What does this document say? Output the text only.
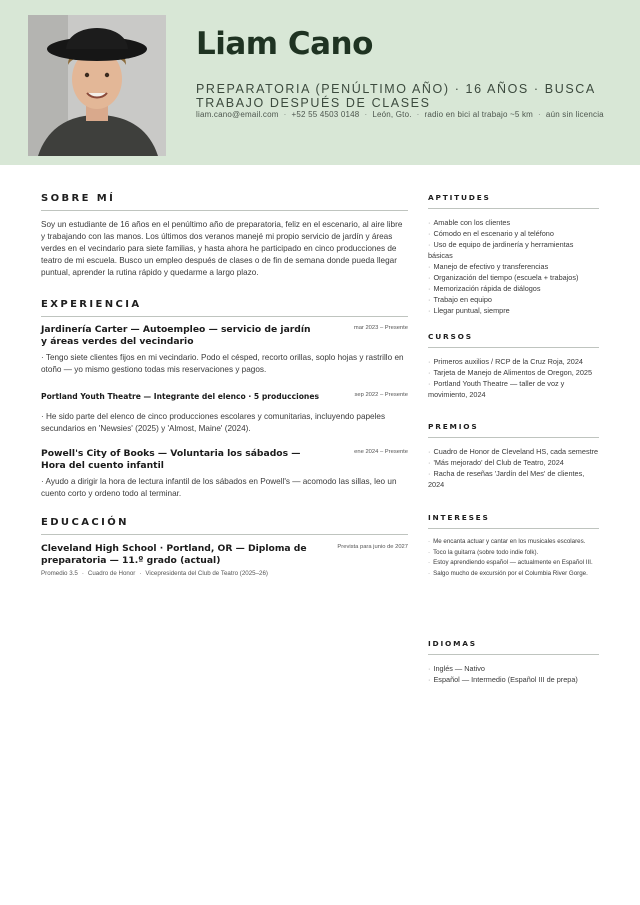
Liam Cano
PREPARATORIA (PENÚLTIMO AÑO) · 16 AÑOS · BUSCA TRABAJO DESPUÉS DE CLASES
liam.cano@email.com · +52 55 4503 0148 · León, Gto. · radio en bici al trabajo ~5 km · aún sin licencia
SOBRE MÍ
Soy un estudiante de 16 años en el penúltimo año de preparatoria, feliz en el escenario, al aire libre y trabajando con las manos. Los últimos dos veranos manejé mi propio servicio de jardín y áreas verdes en el vecindario para siete familias, y hasta ahora he participado en cinco producciones de teatro de mi escuela. Busco un empleo después de clases o de fin de semana donde pueda llegar puntual, aprender la rutina rápido y quedarme a largo plazo.
EXPERIENCIA
Jardinería Carter — Autoempleo — servicio de jardín y áreas verdes del vecindario
mar 2023 – Presente
· Tengo siete clientes fijos en mi vecindario. Podo el césped, recorto orillas, soplo hojas y rastrillo en otoño — yo mismo gestiono todas mis reservaciones y pagos.
Portland Youth Theatre — Integrante del elenco · 5 producciones	sep 2022 – Presente
· He sido parte del elenco de cinco producciones escolares y comunitarias, incluyendo papeles secundarios en 'Newsies' (2025) y 'Almost, Maine' (2024).
Powell's City of Books — Voluntaria los sábados — Hora del cuento infantil
ene 2024 – Presente
· Ayudo a dirigir la hora de lectura infantil de los sábados en Powell's — acomodo las sillas, leo un cuento corto y ordeno todo al terminar.
EDUCACIÓN
Cleveland High School · Portland, OR — Diploma de preparatoria — 11.º grado (actual)
Prevista para junio de 2027
Promedio 3.5 · Cuadro de Honor · Vicepresidenta del Club de Teatro (2025–26)
APTITUDES
· Amable con los clientes
· Cómodo en el escenario y al teléfono
· Uso de equipo de jardinería y herramientas básicas
· Manejo de efectivo y transferencias
· Organización del tiempo (escuela + trabajos)
· Memorización rápida de diálogos
· Trabajo en equipo
· Llegar puntual, siempre
CURSOS
· Primeros auxilios / RCP de la Cruz Roja, 2024
· Tarjeta de Manejo de Alimentos de Oregon, 2025
· Portland Youth Theatre — taller de voz y movimiento, 2024
PREMIOS
· Cuadro de Honor de Cleveland HS, cada semestre
· 'Más mejorado' del Club de Teatro, 2024
· Racha de reseñas 'Jardín del Mes' de clientes, 2024
INTERESES
· Me encanta actuar y cantar en los musicales escolares.
· Toco la guitarra (sobre todo indie folk).
· Estoy aprendiendo español — actualmente en Español III.
· Salgo mucho de excursión por el Columbia River Gorge.
IDIOMAS
· Inglés — Nativo
· Español — Intermedio (Español III de prepa)
